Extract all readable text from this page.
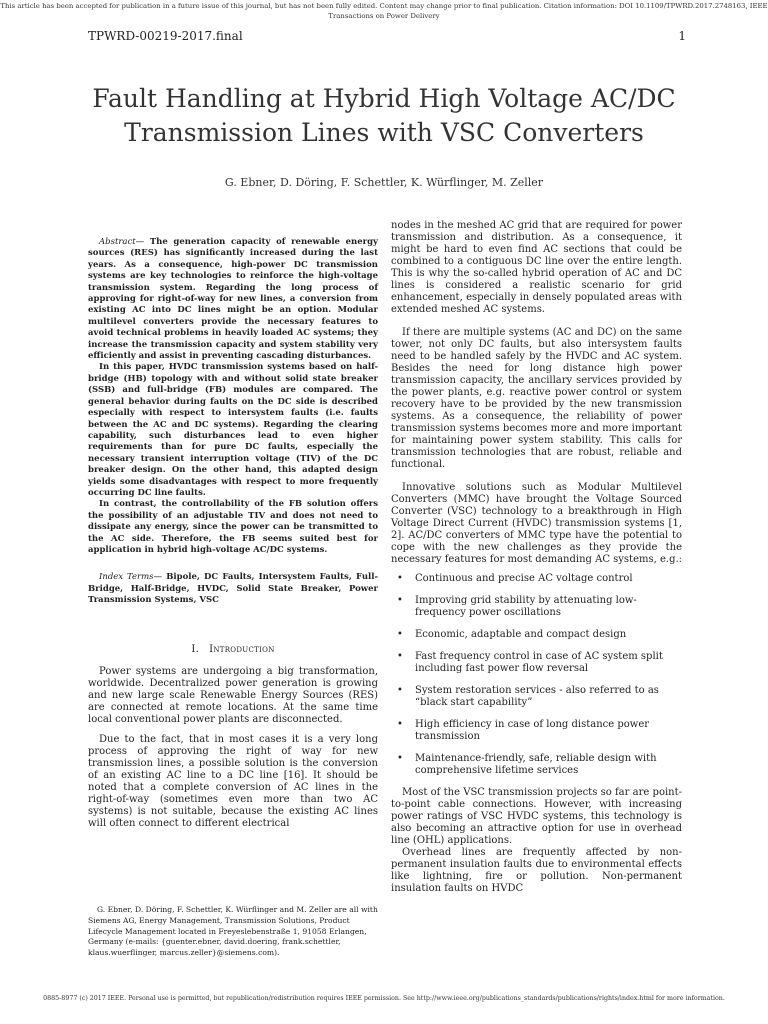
This article has been accepted for publication in a future issue of this journal, but has not been fully edited. Content may change prior to final publication. Citation information: DOI 10.1109/TPWRD.2017.2748163, IEEE
Transactions on Power Delivery
TPWRD-00219-2017.final	1
Fault Handling at Hybrid High Voltage AC/DC
Transmission Lines with VSC Converters
G. Ebner, D. Döring, F. Schettler, K. Würflinger, M. Zeller

Abstract— The generation capacity of renewable energy sources (RES) has significantly increased during the last years. As a consequence, high-power DC transmission systems are key technologies to reinforce the high-voltage transmission system. Regarding the long process of approving for right-of-way for new lines, a conversion from existing AC into DC lines might be an option. Modular multilevel converters provide the necessary features to avoid technical problems in heavily loaded AC systems; they increase the transmission capacity and system stability very efficiently and assist in preventing cascading disturbances.

In this paper, HVDC transmission systems based on half-bridge (HB) topology with and without solid state breaker (SSB) and full-bridge (FB) modules are compared. The general behavior during faults on the DC side is described especially with respect to intersystem faults (i.e. faults between the AC and DC systems). Regarding the clearing capability, such disturbances lead to even higher requirements than for pure DC faults, especially the necessary transient interruption voltage (TIV) of the DC breaker design. On the other hand, this adapted design yields some disadvantages with respect to more frequently occurring DC line faults.

In contrast, the controllability of the FB solution offers the possibility of an adjustable TIV and does not need to dissipate any energy, since the power can be transmitted to the AC side. Therefore, the FB seems suited best for application in hybrid high-voltage AC/DC systems.

Index Terms— Bipole, DC Faults, Intersystem Faults, Full-Bridge, Half-Bridge, HVDC, Solid State Breaker, Power Transmission Systems, VSC
I. Introduction

Power systems are undergoing a big transformation, worldwide. Decentralized power generation is growing and new large scale Renewable Energy Sources (RES) are connected at remote locations. At the same time local conventional power plants are disconnected.

Due to the fact, that in most cases it is a very long process of approving the right of way for new transmission lines, a possible solution is the conversion of an existing AC line to a DC line [16]. It should be noted that a complete conversion of AC lines in the right-of-way (sometimes even more than two AC systems) is not suitable, because the existing AC lines will often connect to different electrical

nodes in the meshed AC grid that are required for power transmission and distribution. As a consequence, it might be hard to even find AC sections that could be combined to a contiguous DC line over the entire length. This is why the so-called hybrid operation of AC and DC lines is considered a realistic scenario for grid enhancement, especially in densely populated areas with extended meshed AC systems.

If there are multiple systems (AC and DC) on the same tower, not only DC faults, but also intersystem faults need to be handled safely by the HVDC and AC system. Besides the need for long distance high power transmission capacity, the ancillary services provided by the power plants, e.g. reactive power control or system recovery have to be provided by the new transmission systems. As a consequence, the reliability of power transmission systems becomes more and more important for maintaining power system stability. This calls for transmission technologies that are robust, reliable and functional.

Innovative solutions such as Modular Multilevel Converters (MMC) have brought the Voltage Sourced Converter (VSC) technology to a breakthrough in High Voltage Direct Current (HVDC) transmission systems [1, 2]. AC/DC converters of MMC type have the potential to cope with the new challenges as they provide the necessary features for most demanding AC systems, e.g.:

• Continuous and precise AC voltage control
• Improving grid stability by attenuating low-frequency power oscillations
• Economic, adaptable and compact design
• Fast frequency control in case of AC system split including fast power flow reversal
• System restoration services - also referred to as “black start capability”
• High efficiency in case of long distance power transmission
• Maintenance-friendly, safe, reliable design with comprehensive lifetime services

Most of the VSC transmission projects so far are point-to-point cable connections. However, with increasing power ratings of VSC HVDC systems, this technology is also becoming an attractive option for use in overhead line (OHL) applications.

Overhead lines are frequently affected by non-permanent insulation faults due to environmental effects like lightning, fire or pollution. Non-permanent insulation faults on HVDC

G. Ebner, D. Döring, F. Schettler, K. Würflinger and M. Zeller are all with Siemens AG, Energy Management, Transmission Solutions, Product Lifecycle Management located in Freyeslebenstraße 1, 91058 Erlangen, Germany (e-mails: {guenter.ebner, david.doering, frank.schettler, klaus.wuerflinger, marcus.zeller}@siemens.com).

0885-8977 (c) 2017 IEEE. Personal use is permitted, but republication/redistribution requires IEEE permission. See http://www.ieee.org/publications_standards/publications/rights/index.html for more information.
